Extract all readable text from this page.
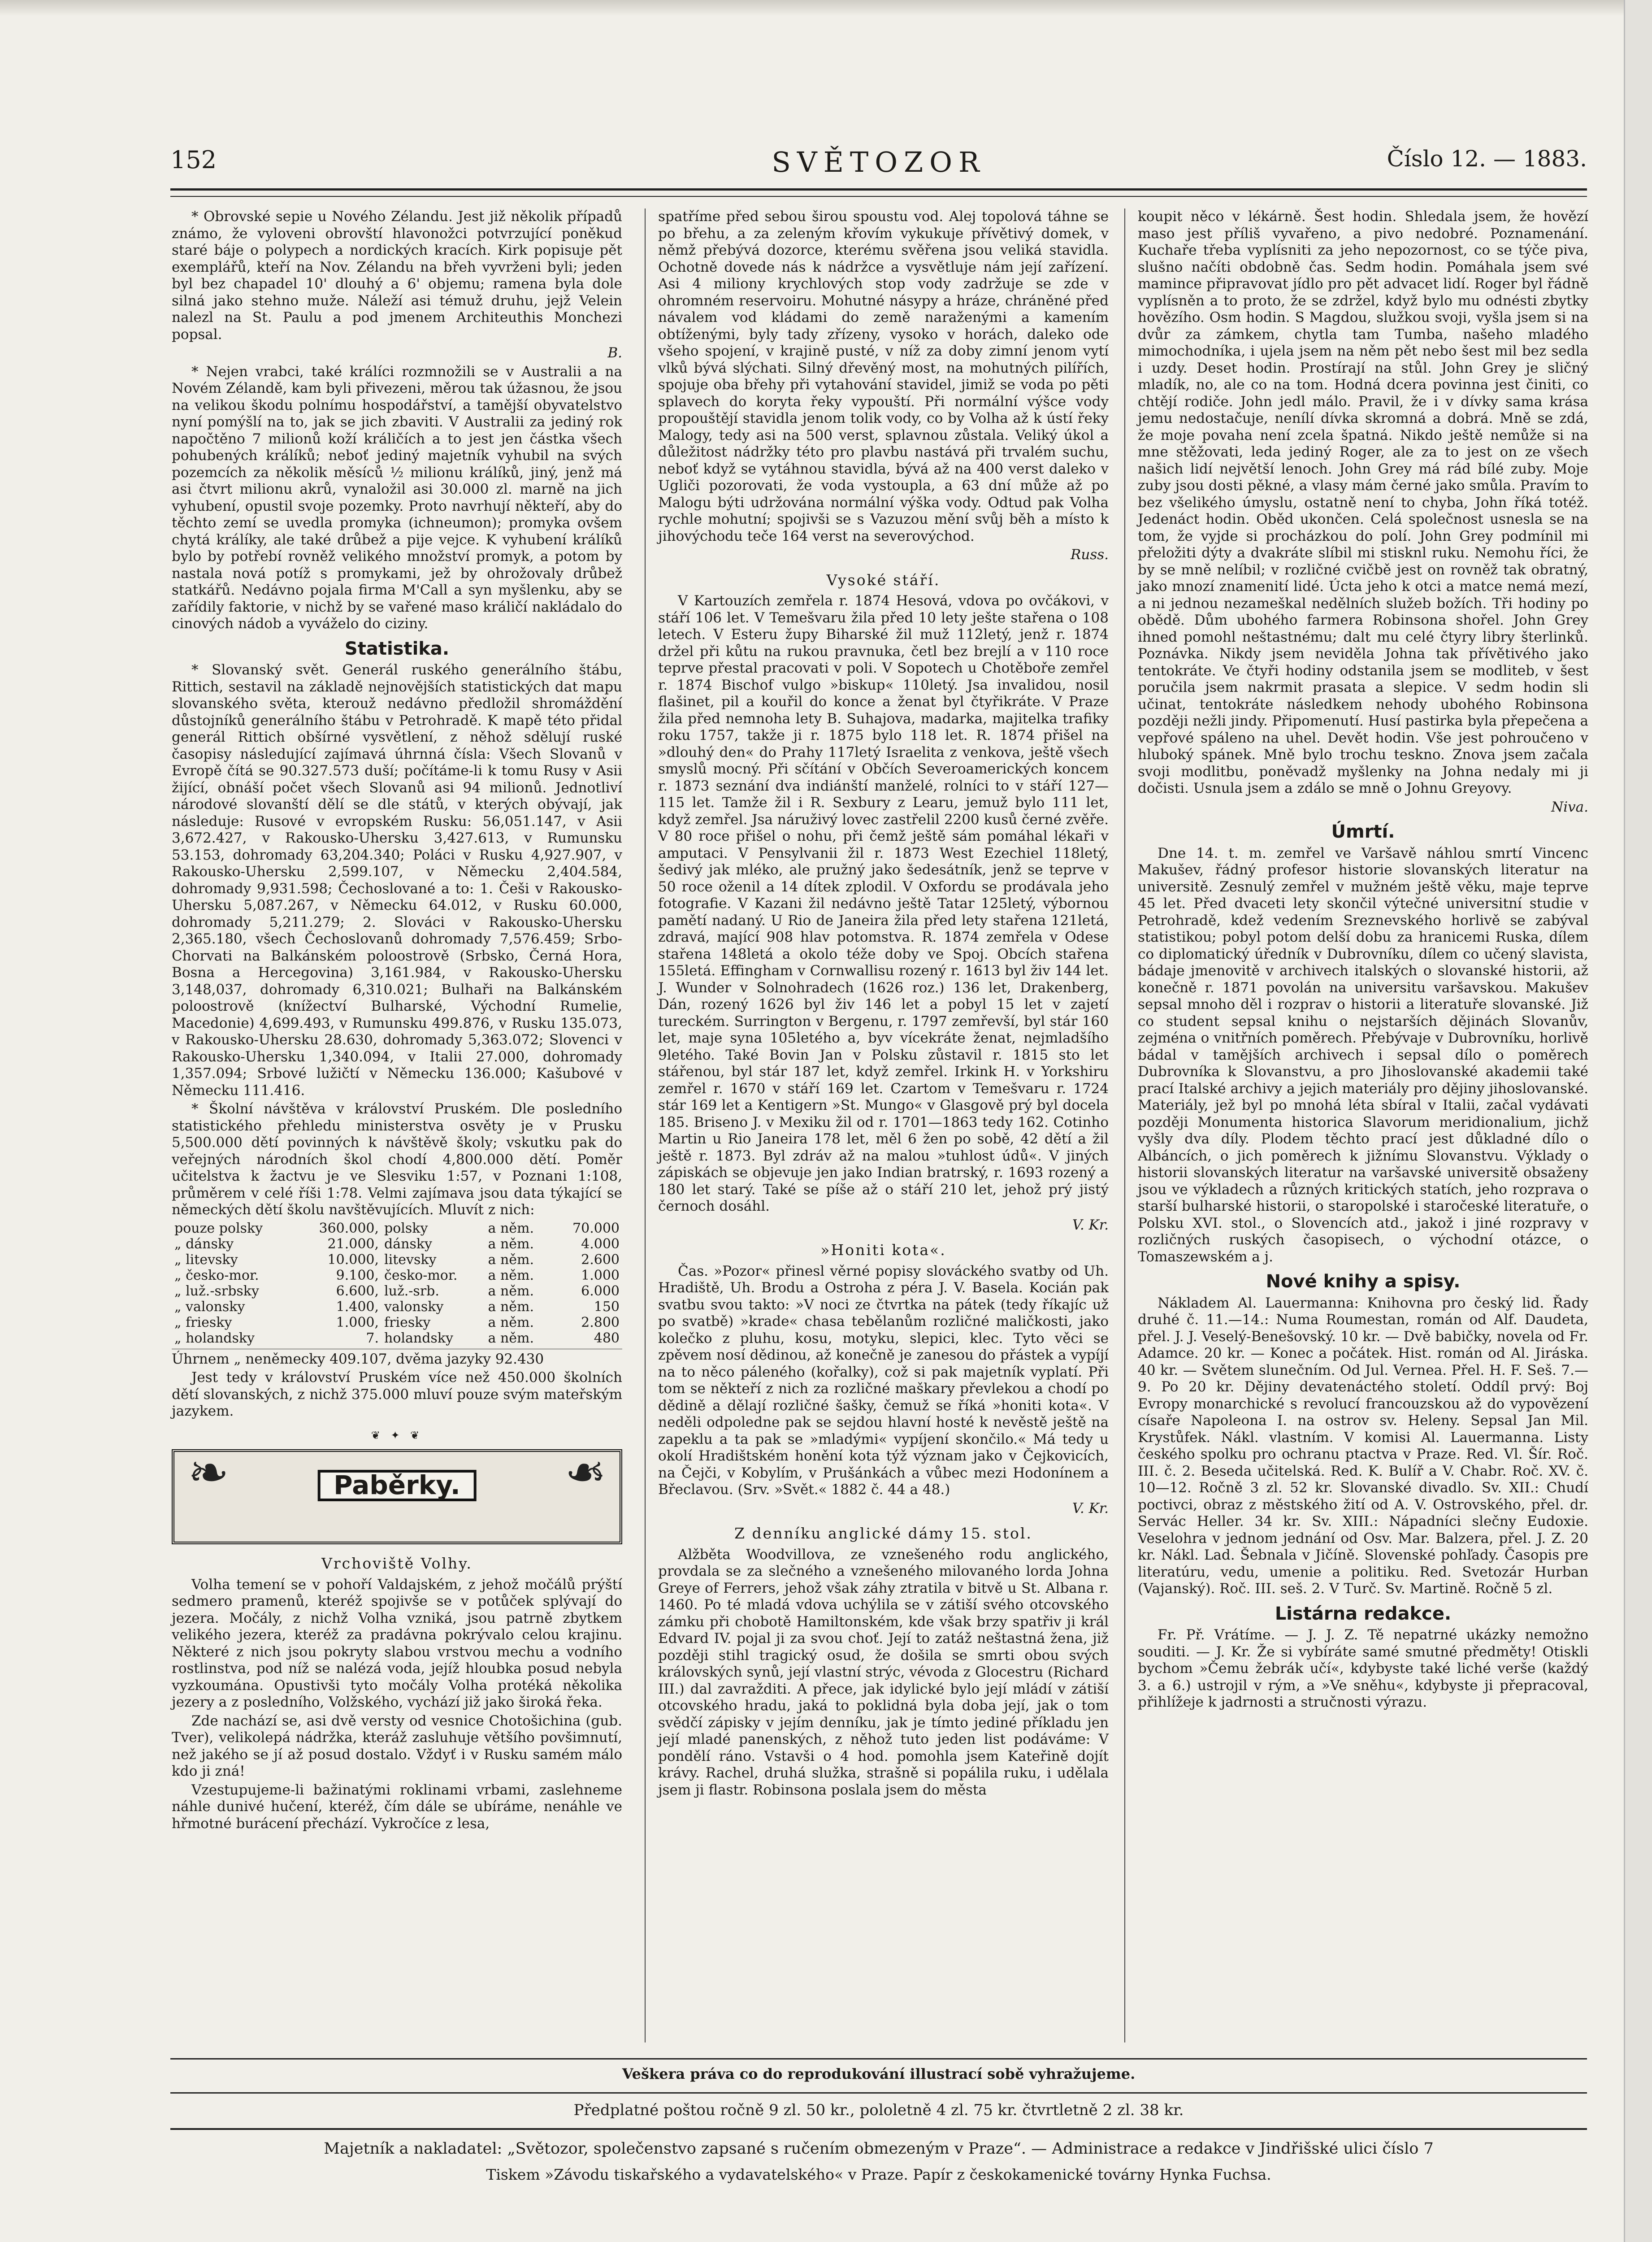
SVĚTOZOR
152	Číslo 12. — 1883.

* Obrovské sepie u Nového Zélandu. Jest již několik případů známo, že vyloveni obrovští hlavonožci potvrzující poněkud staré báje o polypech a nordických kracích. Kirk popisuje pět exemplářů, kteří na Nov. Zélandu na břeh vyvrženi byli; jeden byl bez chapadel 10' dlouhý a 6' objemu; ramena byla dole silná jako stehno muže. Náleží asi témuž druhu, jejž Velein nalezl na St. Paulu a pod jmenem Architeuthis Monchezi popsal.

B.

* Nejen vrabci, také králíci rozmnožili se v Australii a na Novém Zélandě, kam byli přivezeni, měrou tak úžasnou, že jsou na velikou škodu polnímu hospodářství, a tamější obyvatelstvo nyní pomýšlí na to, jak se jich zbaviti. V Australii za jediný rok napočtěno 7 milionů koží králičích a to jest jen částka všech pohubených králíků; neboť jediný majetník vyhubil na svých pozemcích za několik měsíců ½ milionu králíků, jiný, jenž má asi čtvrt milionu akrů, vynaložil asi 30.000 zl. marně na jich vyhubení, opustil svoje pozemky. Proto navrhují někteří, aby do těchto zemí se uvedla promyka (ichneumon); promyka ovšem chytá králíky, ale také drůbež a pije vejce. K vyhubení králíků bylo by potřebí rovněž velikého množství promyk, a potom by nastala nová potíž s promykami, jež by ohrožovaly drůbež statkářů. Nedávno pojala firma M'Call a syn myšlenku, aby se zařídily faktorie, v nichž by se vařené maso králičí nakládalo do cinových nádob a vyváželo do ciziny.

Statistika.

* Slovanský svět. Generál ruského generálního štábu, Rittich, sestavil na základě nejnovějších statistických dat mapu slovanského světa, kterouž nedávno předložil shromáždění důstojníků generálního štábu v Petrohradě. K mapě této přidal generál Rittich obšírné vysvětlení, z něhož sdělují ruské časopisy následující zajímavá úhrnná čísla: Všech Slovanů v Evropě čítá se 90.327.573 duší; počítáme-li k tomu Rusy v Asii žijící, obnáší počet všech Slovanů asi 94 milionů. Jednotliví národové slovanští dělí se dle států, v kterých obývají, jak následuje: Rusové v evropském Rusku: 56,051.147, v Asii 3,672.427, v Rakousko-Uhersku 3,427.613, v Rumunsku 53.153, dohromady 63,204.340; Poláci v Rusku 4,927.907, v Rakousko-Uhersku 2,599.107, v Německu 2,404.584, dohromady 9,931.598; Čechoslované a to: 1. Češi v Rakousko-Uhersku 5,087.267, v Německu 64.012, v Rusku 60.000, dohromady 5,211.279; 2. Slováci v Rakousko-Uhersku 2,365.180, všech Čechoslovanů dohromady 7,576.459; Srbo-Chorvati na Balkánském poloostrově (Srbsko, Černá Hora, Bosna a Hercegovina) 3,161.984, v Rakousko-Uhersku 3,148,037, dohromady 6,310.021; Bulhaři na Balkánském poloostrově (knížectví Bulharské, Východní Rumelie, Macedonie) 4,699.493, v Rumunsku 499.876, v Rusku 135.073, v Rakousko-Uhersku 28.630, dohromady 5,363.072; Slovenci v Rakousko-Uhersku 1,340.094, v Italii 27.000, dohromady 1,357.094; Srbové lužičtí v Německu 136.000; Kašubové v Německu 111.416.

* Školní návštěva v království Pruském. Dle posledního statistického přehledu ministerstva osvěty je v Prusku 5,500.000 dětí povinných k návštěvě školy; vskutku pak do veřejných národních škol chodí 4,800.000 dětí. Poměr učitelstva k žactvu je ve Slesviku 1:57, v Poznani 1:108, průměrem v celé říši 1:78. Velmi zajímava jsou data týkající se německých dětí školu navštěvujících. Mluvít z nich:

pouze polsky	360.000,	polsky	a něm.	70.000
„ dánsky	21.000,	dánsky	a něm.	4.000
„ litevsky	10.000,	litevsky	a něm.	2.600
„ česko-mor.	9.100,	česko-mor.	a něm.	1.000
„ luž.-srbsky	6.600,	luž.-srb.	a něm.	6.000
„ valonsky	1.400,	valonsky	a něm.	150
„ friesky	1.000,	friesky	a něm.	2.800
„ holandsky	7.	holandsky	a něm.	480

Úhrnem „ neněmecky 409.107, dvěma jazyky 92.430

Jest tedy v království Pruském více než 450.000 školních dětí slovanských, z nichž 375.000 mluví pouze svým mateřským jazykem.

❦ ✦ ❦

❧	❧
Paběrky.

Vrchoviště Volhy.

Volha temení se v pohoří Valdajském, z jehož močálů prýští sedmero pramenů, kteréž spojivše se v potůček splývají do jezera. Močály, z nichž Volha vzniká, jsou patrně zbytkem velikého jezera, kteréž za pradávna pokrývalo celou krajinu. Některé z nich jsou pokryty slabou vrstvou mechu a vodního rostlinstva, pod níž se nalézá voda, jejíž hloubka posud nebyla vyzkoumána. Opustivši tyto močály Volha protéká několika jezery a z posledního, Volžského, vychází již jako široká řeka.

Zde nachází se, asi dvě versty od vesnice Chotošichina (gub. Tver), velikolepá nádržka, kteráž zasluhuje většího povšimnutí, než jakého se jí až posud dostalo. Vždyť i v Rusku samém málo kdo ji zná!

Vzestupujeme-li bažinatými roklinami vrbami, zaslehneme náhle dunivé hučení, kteréž, čím dále se ubíráme, nenáhle ve hřmotné burácení přechází. Vykročíce z lesa,

spatříme před sebou širou spoustu vod. Alej topolová táhne se po břehu, a za zeleným křovím vykukuje přívětivý domek, v němž přebývá dozorce, kterému svěřena jsou veliká stavidla. Ochotně dovede nás k nádržce a vysvětluje nám její zařízení. Asi 4 miliony krychlových stop vody zadržuje se zde v ohromném reservoiru. Mohutné násypy a hráze, chráněné před návalem vod kládami do země naraženými a kamením obtíženými, byly tady zřízeny, vysoko v horách, daleko ode všeho spojení, v krajině pusté, v níž za doby zimní jenom vytí vlků bývá slýchati. Silný dřevěný most, na mohutných pilířích, spojuje oba břehy při vytahování stavidel, jimiž se voda po pěti splavech do koryta řeky vypouští. Při normální výšce vody propouštějí stavidla jenom tolik vody, co by Volha až k ústí řeky Malogy, tedy asi na 500 verst, splavnou zůstala. Veliký úkol a důležitost nádržky této pro plavbu nastává při trvalém suchu, neboť když se vytáhnou stavidla, bývá až na 400 verst daleko v Ugliči pozorovati, že voda vystoupla, a 63 dní může až po Malogu býti udržována normální výška vody. Odtud pak Volha rychle mohutní; spojivši se s Vazuzou mění svůj běh a místo k jihovýchodu teče 164 verst na severovýchod.

Russ.

Vysoké stáří.

V Kartouzích zemřela r. 1874 Hesová, vdova po ovčákovi, v stáří 106 let. V Temešvaru žila před 10 lety ješte stařena o 108 letech. V Esteru župy Biharské žil muž 112letý, jenž r. 1874 držel při kůtu na rukou pravnuka, četl bez brejlí a v 110 roce teprve přestal pracovati v poli. V Sopotech u Chotěboře zemřel r. 1874 Bischof vulgo »biskup« 110letý. Jsa invalidou, nosil flašinet, pil a kouřil do konce a ženat byl čtyřikráte. V Praze žila před nemnoha lety B. Suhajova, madarka, majitelka trafiky roku 1757, takže ji r. 1875 bylo 118 let. R. 1874 přišel na »dlouhý den« do Prahy 117letý Israelita z venkova, ještě všech smyslů mocný. Při sčítání v Občích Severoamerických koncem r. 1873 seznání dva indiánští manželé, rolníci to v stáří 127—115 let. Tamže žil i R. Sexbury z Learu, jemuž bylo 111 let, když zemřel. Jsa náruživý lovec zastřelil 2200 kusů černé zvěře. V 80 roce přišel o nohu, při čemž ještě sám pomáhal lékaři v amputaci. V Pensylvanii žil r. 1873 West Ezechiel 118letý, šedivý jak mléko, ale pružný jako šedesátník, jenž se teprve v 50 roce oženil a 14 dítek zplodil. V Oxfordu se prodávala jeho fotografie. V Kazani žil nedávno ještě Tatar 125letý, výbornou pamětí nadaný. U Rio de Janeira žila před lety stařena 121letá, zdravá, mající 908 hlav potomstva. R. 1874 zemřela v Odese stařena 148letá a okolo téže doby ve Spoj. Obcích stařena 155letá. Effingham v Cornwallisu rozený r. 1613 byl živ 144 let. J. Wunder v Solnohradech (1626 roz.) 136 let, Drakenberg, Dán, rozený 1626 byl živ 146 let a pobyl 15 let v zajetí tureckém. Surrington v Bergenu, r. 1797 zemřevší, byl stár 160 let, maje syna 105letého a, byv vícekráte ženat, nejmladšího 9letého. Také Bovin Jan v Polsku zůstavil r. 1815 sto let stářenou, byl stár 187 let, když zemřel. Irkink H. v Yorkshiru zemřel r. 1670 v stáří 169 let. Czartom v Temešvaru r. 1724 stár 169 let a Kentigern »St. Mungo« v Glasgově prý byl docela 185. Briseno J. v Mexiku žil od r. 1701—1863 tedy 162. Cotinho Martin u Rio Janeira 178 let, měl 6 žen po sobě, 42 dětí a žil ještě r. 1873. Byl zdráv až na malou »tuhlost údů«. V jiných zápiskách se objevuje jen jako Indian bratrský, r. 1693 rozený a 180 let starý. Také se píše až o stáří 210 let, jehož prý jistý černoch dosáhl.

V. Kr.

»Honiti kota«.

Čas. »Pozor« přinesl věrné popisy slováckého svatby od Uh. Hradiště, Uh. Brodu a Ostroha z péra J. V. Basela. Kocián pak svatbu svou takto: »V noci ze čtvrtka na pátek (tedy říkajíc už po svatbě) »krade« chasa tebělanům rozličné maličkosti, jako kolečko z pluhu, kosu, motyku, slepici, klec. Tyto věci se zpěvem nosí dědinou, až konečně je zanesou do přástek a vypíjí na to něco páleného (kořalky), což si pak majetník vyplatí. Při tom se někteří z nich za rozličné maškary převlekou a chodí po dědině a dělají rozličné šašky, čemuž se říká »honiti kota«. V neděli odpoledne pak se sejdou hlavní hosté k nevěstě ještě na zapeklu a ta pak se »mladými« vypíjení skončilo.« Má tedy u okolí Hradištském honění kota týž význam jako v Čejkovicích, na Čejči, v Kobylím, v Prušánkách a vůbec mezi Hodonínem a Břeclavou. (Srv. »Svět.« 1882 č. 44 a 48.)

V. Kr.

Z denníku anglické dámy 15. stol.

Alžběta Woodvillova, ze vznešeného rodu anglického, provdala se za slečného a vznešeného milovaného lorda Johna Greye of Ferrers, jehož však záhy ztratila v bitvě u St. Albana r. 1460. Po té mladá vdova uchýlila se v zátiší svého otcovského zámku při chobotě Hamiltonském, kde však brzy spatřiv ji král Edvard IV. pojal ji za svou choť. Její to zatáž neštastná žena, již později stihl tragický osud, že došila se smrti obou svých královských synů, její vlastní strýc, vévoda z Glocestru (Richard III.) dal zavražditi. A přece, jak idylické bylo její mládí v zátiší otcovského hradu, jaká to poklidná byla doba její, jak o tom svědčí zápisky v jejím denníku, jak je tímto jediné příkladu jen její mladé panenských, z něhož tuto jeden list podáváme: V pondělí ráno. Vstavši o 4 hod. pomohla jsem Kateřině dojít krávy. Rachel, druhá služka, strašně si popálila ruku, i udělala jsem ji flastr. Robinsona poslala jsem do města

koupit něco v lékárně. Šest hodin. Shledala jsem, že hovězí maso jest příliš vyvařeno, a pivo nedobré. Poznamenání. Kuchaře třeba vyplísniti za jeho nepozornost, co se týče piva, slušno načíti obdobně čas. Sedm hodin. Pomáhala jsem své mamince připravovat jídlo pro pět advacet lidí. Roger byl řádně vyplísněn a to proto, že se zdržel, když bylo mu odnésti zbytky hovězího. Osm hodin. S Magdou, služkou svoji, vyšla jsem si na dvůr za zámkem, chytla tam Tumba, našeho mladého mimochodníka, i ujela jsem na něm pět nebo šest mil bez sedla i uzdy. Deset hodin. Prostírají na stůl. John Grey je sličný mladík, no, ale co na tom. Hodná dcera povinna jest činiti, co chtějí rodiče. John jedl málo. Pravil, že i v dívky sama krása jemu nedostačuje, nenílí dívka skromná a dobrá. Mně se zdá, že moje povaha není zcela špatná. Nikdo ještě nemůže si na mne stěžovati, leda jediný Roger, ale za to jest on ze všech našich lidí největší lenoch. John Grey má rád bílé zuby. Moje zuby jsou dosti pěkné, a vlasy mám černé jako smůla. Pravím to bez všelikého úmyslu, ostatně není to chyba, John říká totéž. Jedenáct hodin. Oběd ukončen. Celá společnost usnesla se na tom, že vyjde si procházkou do polí. John Grey podmínil mi přeložiti dýty a dvakráte slíbil mi stisknl ruku. Nemohu říci, že by se mně nelíbil; v rozličné cvičbě jest on rovněž tak obratný, jako mnozí znamenití lidé. Úcta jeho k otci a matce nemá mezí, a ni jednou nezameškal nedělních služeb božích. Tři hodiny po obědě. Dům ubohého farmera Robinsona shořel. John Grey ihned pomohl neštastnému; dalt mu celé čtyry libry šterlinků. Poznávka. Nikdy jsem neviděla Johna tak přívětivého jako tentokráte. Ve čtyři hodiny odstanila jsem se modliteb, v šest poručila jsem nakrmit prasata a slepice. V sedm hodin sli učinat, tentokráte následkem nehody ubohého Robinsona později nežli jindy. Připomenutí. Husí pastirka byla přepečena a vepřové spáleno na uhel. Devět hodin. Vše jest pohroučeno v hluboký spánek. Mně bylo trochu teskno. Znova jsem začala svoji modlitbu, poněvadž myšlenky na Johna nedaly mi ji dočisti. Usnula jsem a zdálo se mně o Johnu Greyovy.

Niva.

Úmrtí.

Dne 14. t. m. zemřel ve Varšavě náhlou smrtí Vincenc Makušev, řádný profesor historie slovanských literatur na universitě. Zesnulý zemřel v mužném ještě věku, maje teprve 45 let. Před dvaceti lety skončil výtečné universitní studie v Petrohradě, kdež vedením Sreznevského horlivě se zabýval statistikou; pobyl potom delší dobu za hranicemi Ruska, dílem co diplomatický úředník v Dubrovníku, dílem co učený slavista, bádaje jmenovitě v archivech italských o slovanské historii, až konečně r. 1871 povolán na universitu varšavskou. Makušev sepsal mnoho děl i rozprav o historii a literatuře slovanské. Již co student sepsal knihu o nejstarších dějinách Slovanův, zejména o vnitřních poměrech. Přebývaje v Dubrovníku, horlivě bádal v tamějších archivech i sepsal dílo o poměrech Dubrovníka k Slovanstvu, a pro Jihoslovanské akademii také prací Italské archivy a jejich materiály pro dějiny jihoslovanské. Materiály, jež byl po mnohá léta sbíral v Italii, začal vydávati později Monumenta historica Slavorum meridionalium, jichž vyšly dva díly. Plodem těchto prací jest důkladné dílo o Albáncích, o jich poměrech k jižnímu Slovanstvu. Výklady o historii slovanských literatur na varšavské universitě obsaženy jsou ve výkladech a různých kritických statích, jeho rozprava o starší bulharské historii, o staropolské i staročeské literatuře, o Polsku XVI. stol., o Slovencích atd., jakož i jiné rozpravy v rozličných ruských časopisech, o východní otázce, o Tomaszewském a j.

Nové knihy a spisy.

Nákladem Al. Lauermanna: Knihovna pro český lid. Řady druhé č. 11.—14.: Numa Roumestan, román od Alf. Daudeta, přel. J. J. Veselý-Benešovský. 10 kr. — Dvě babičky, novela od Fr. Adamce. 20 kr. — Konec a počátek. Hist. román od Al. Jiráska. 40 kr. — Světem slunečním. Od Jul. Vernea. Přel. H. F. Seš. 7.—9. Po 20 kr. Dějiny devatenáctého století. Oddíl prvý: Boj Evropy monarchické s revolucí francouzskou až do vypovězení císaře Napoleona I. na ostrov sv. Heleny. Sepsal Jan Mil. Krystůfek. Nákl. vlastním. V komisi Al. Lauermanna. Listy českého spolku pro ochranu ptactva v Praze. Red. Vl. Šír. Roč. III. č. 2. Beseda učitelská. Red. K. Bulíř a V. Chabr. Roč. XV. č. 10—12. Ročně 3 zl. 52 kr. Slovanské divadlo. Sv. XII.: Chudí poctivci, obraz z městského žití od A. V. Ostrovského, přel. dr. Servác Heller. 34 kr. Sv. XIII.: Nápadníci slečny Eudoxie. Veselohra v jednom jednání od Osv. Mar. Balzera, přel. J. Z. 20 kr. Nákl. Lad. Šebnala v Jičíně. Slovenské pohľady. Časopis pre literatúru, vedu, umenie a politiku. Red. Svetozár Hurban (Vajanský). Roč. III. seš. 2. V Turč. Sv. Martině. Ročně 5 zl.

Listárna redakce.

Fr. Př. Vrátíme. — J. J. Z. Tě nepatrné ukázky nemožno souditi. — J. Kr. Že si vybíráte samé smutné předměty! Otiskli bychom »Čemu žebrák učí«, kdybyste také liché verše (každý 3. a 6.) ustrojil v rým, a »Ve sněhu«, kdybyste ji přepracoval, přihlížeje k jadrnosti a stručnosti výrazu.

Veškera práva co do reprodukování illustrací sobě vyhražujeme.
Předplatné poštou ročně 9 zl. 50 kr., pololetně 4 zl. 75 kr. čtvrtletně 2 zl. 38 kr.
Majetník a nakladatel: „Světozor, společenstvo zapsané s ručením obmezeným v Praze“. — Administrace a redakce v Jindřišské ulici číslo 7
Tiskem »Závodu tiskařského a vydavatelského« v Praze. Papír z českokamenické továrny Hynka Fuchsa.
